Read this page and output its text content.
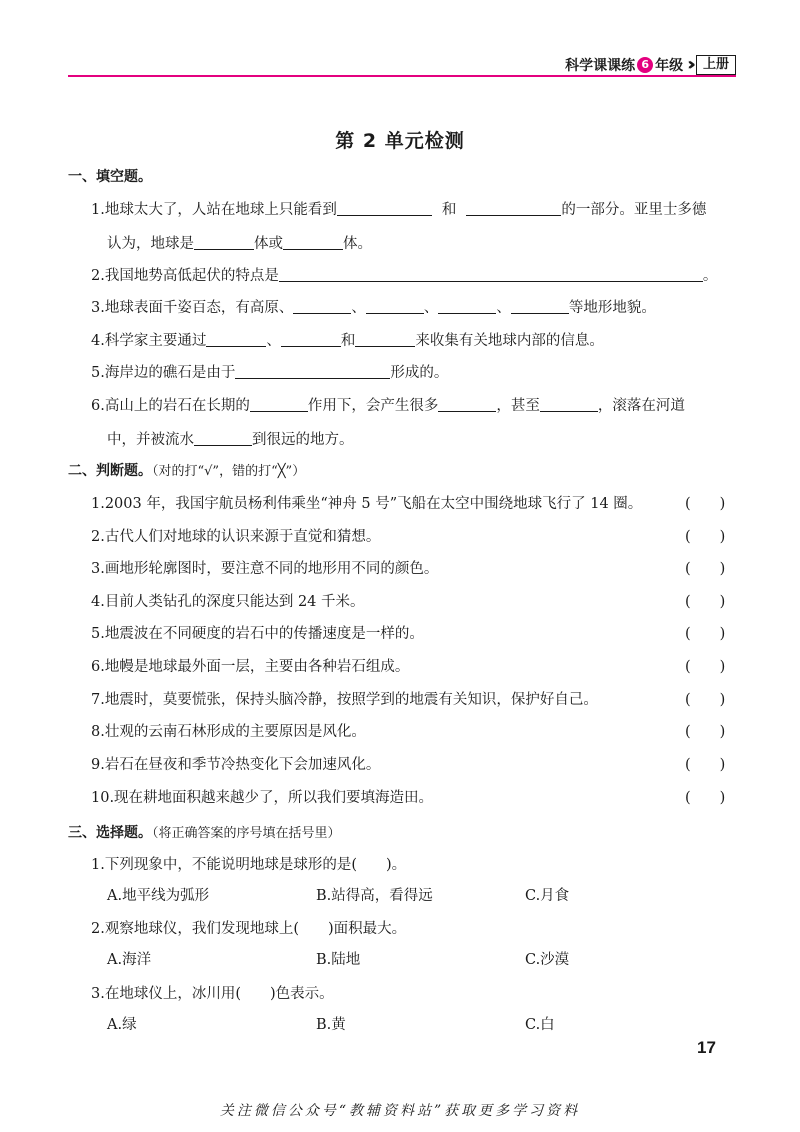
科学课课练 6 年级 ››	上册
第 2 单元检测
一、填空题。
1.地球太大了，人站在地球上只能看到	和	的一部分。亚里士多德
认为，地球是	体或	体。
2.我国地势高低起伏的特点是	。
3.地球表面千姿百态，有高原、	、	、	、	等地形地貌。
4.科学家主要通过	、	和	来收集有关地球内部的信息。
5.海岸边的礁石是由于	形成的。
6.高山上的岩石在长期的	作用下，会产生很多	，甚至	，滚落在河道
中，并被流水	到很远的地方。
二、判断题。（对的打“√”，错的打“╳”）
1.2003 年，我国宇航员杨利伟乘坐“神舟 5 号”飞船在太空中围绕地球飞行了 14 圈。	(　　)
2.古代人们对地球的认识来源于直觉和猜想。	(　　)
3.画地形轮廓图时，要注意不同的地形用不同的颜色。	(　　)
4.目前人类钻孔的深度只能达到 24 千米。	(　　)
5.地震波在不同硬度的岩石中的传播速度是一样的。	(　　)
6.地幔是地球最外面一层，主要由各种岩石组成。	(　　)
7.地震时，莫要慌张，保持头脑冷静，按照学到的地震有关知识，保护好自己。	(　　)
8.壮观的云南石林形成的主要原因是风化。	(　　)
9.岩石在昼夜和季节冷热变化下会加速风化。	(　　)
10.现在耕地面积越来越少了，所以我们要填海造田。	(　　)
三、选择题。（将正确答案的序号填在括号里）
1.下列现象中，不能说明地球是球形的是(　　)。
A.地平线为弧形	B.站得高，看得远	C.月食
2.观察地球仪，我们发现地球上(　　)面积最大。
A.海洋	B.陆地	C.沙漠
3.在地球仪上，冰川用(　　)色表示。
A.绿	B.黄	C.白
17
关注微信公众号“教辅资料站”获取更多学习资料
